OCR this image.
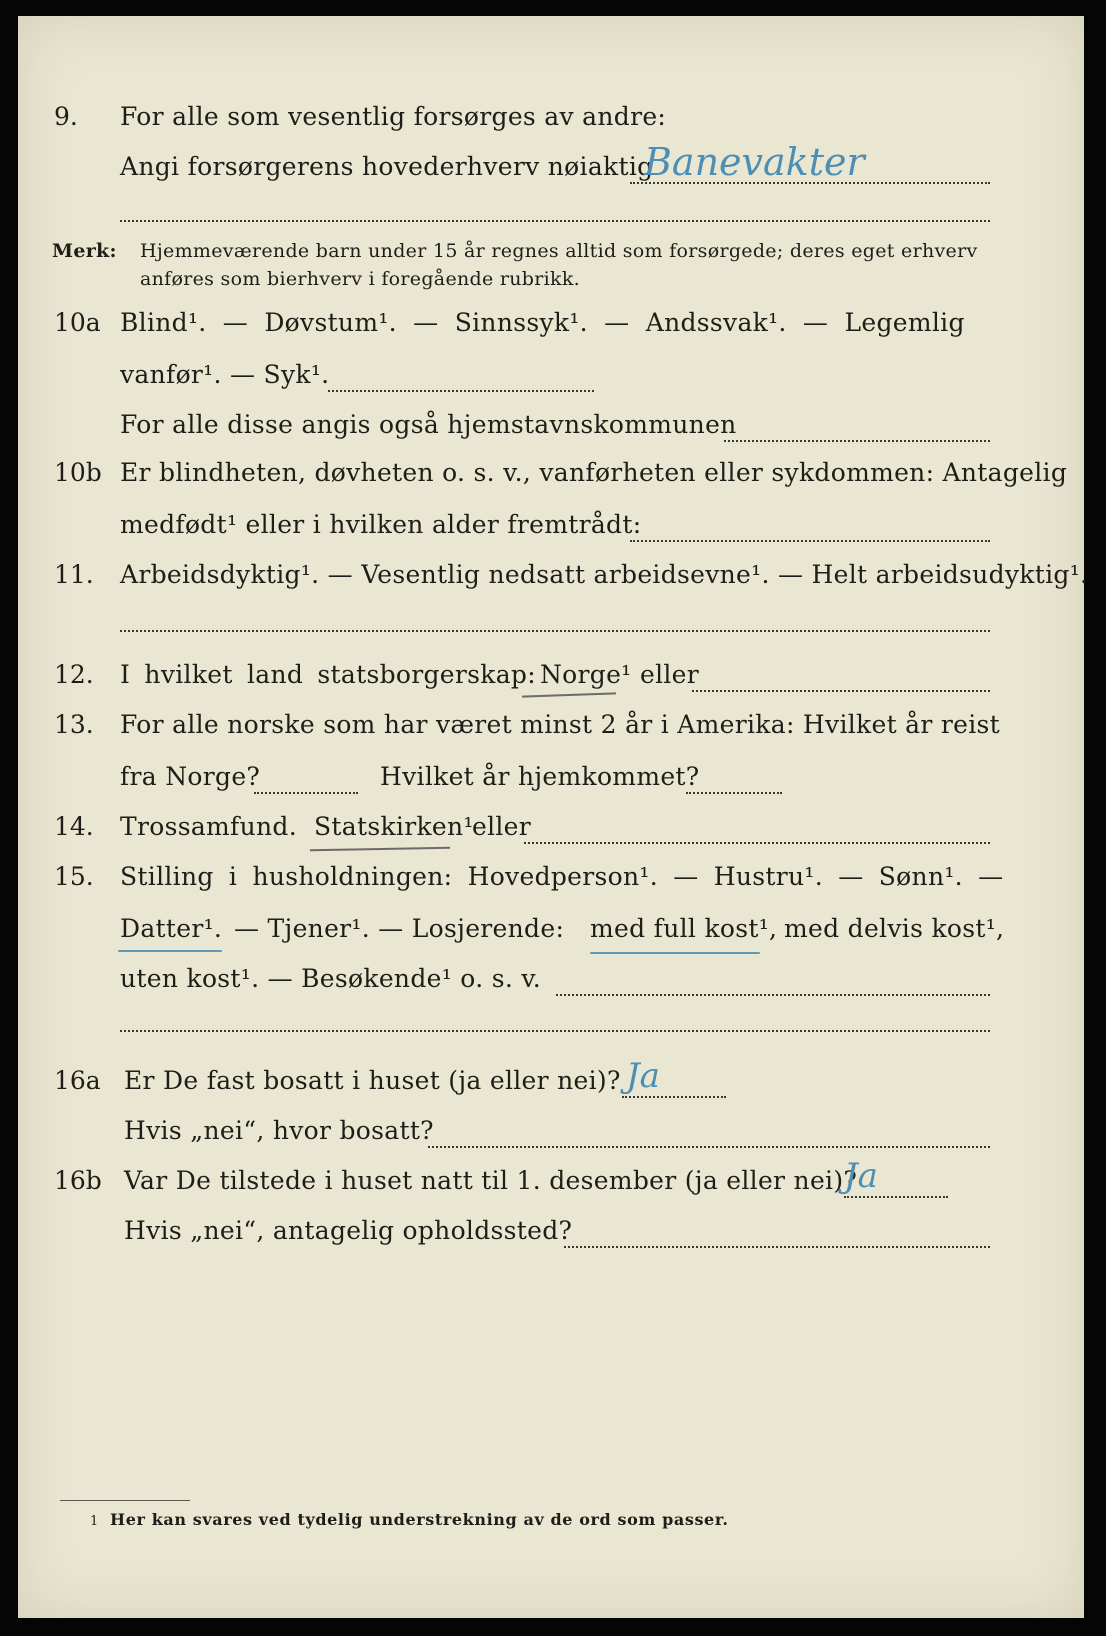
9. For alle som vesentlig forsørges av andre:
Angi forsørgerens hovederhverv nøiaktig
Banevakter
Merk: Hjemmeværende barn under 15 år regnes alltid som forsørgede; deres eget erhverv
anføres som bierhverv i foregående rubrikk.
10a Blind¹. — Døvstum¹. — Sinnssyk¹. — Andssvak¹. — Legemlig
vanfør¹. — Syk¹.
For alle disse angis også hjemstavnskommunen
10b Er blindheten, døvheten o. s. v., vanførheten eller sykdommen: Antagelig
medfødt¹ eller i hvilken alder fremtrådt:
11. Arbeidsdyktig¹. — Vesentlig nedsatt arbeidsevne¹. — Helt arbeidsudyktig¹.
12. I hvilket land statsborgerskap: Norge¹ eller
13. For alle norske som har været minst 2 år i Amerika: Hvilket år reist
fra Norge?	Hvilket år hjemkommet?
14. Trossamfund. Statskirken¹
eller
15. Stilling i husholdningen: Hovedperson¹. — Hustru¹. — Sønn¹. —
Datter¹. — Tjener¹. — Losjerende: med full kost¹, med delvis kost¹,
uten kost¹. — Besøkende¹ o. s. v.
16a Er De fast bosatt i huset (ja eller nei)? Ja
Hvis „nei“, hvor bosatt?
16b Var De tilstede i huset natt til 1. desember (ja eller nei)?
Ja
Hvis „nei“, antagelig opholdssted?
1 Her kan svares ved tydelig understrekning av de ord som passer.
